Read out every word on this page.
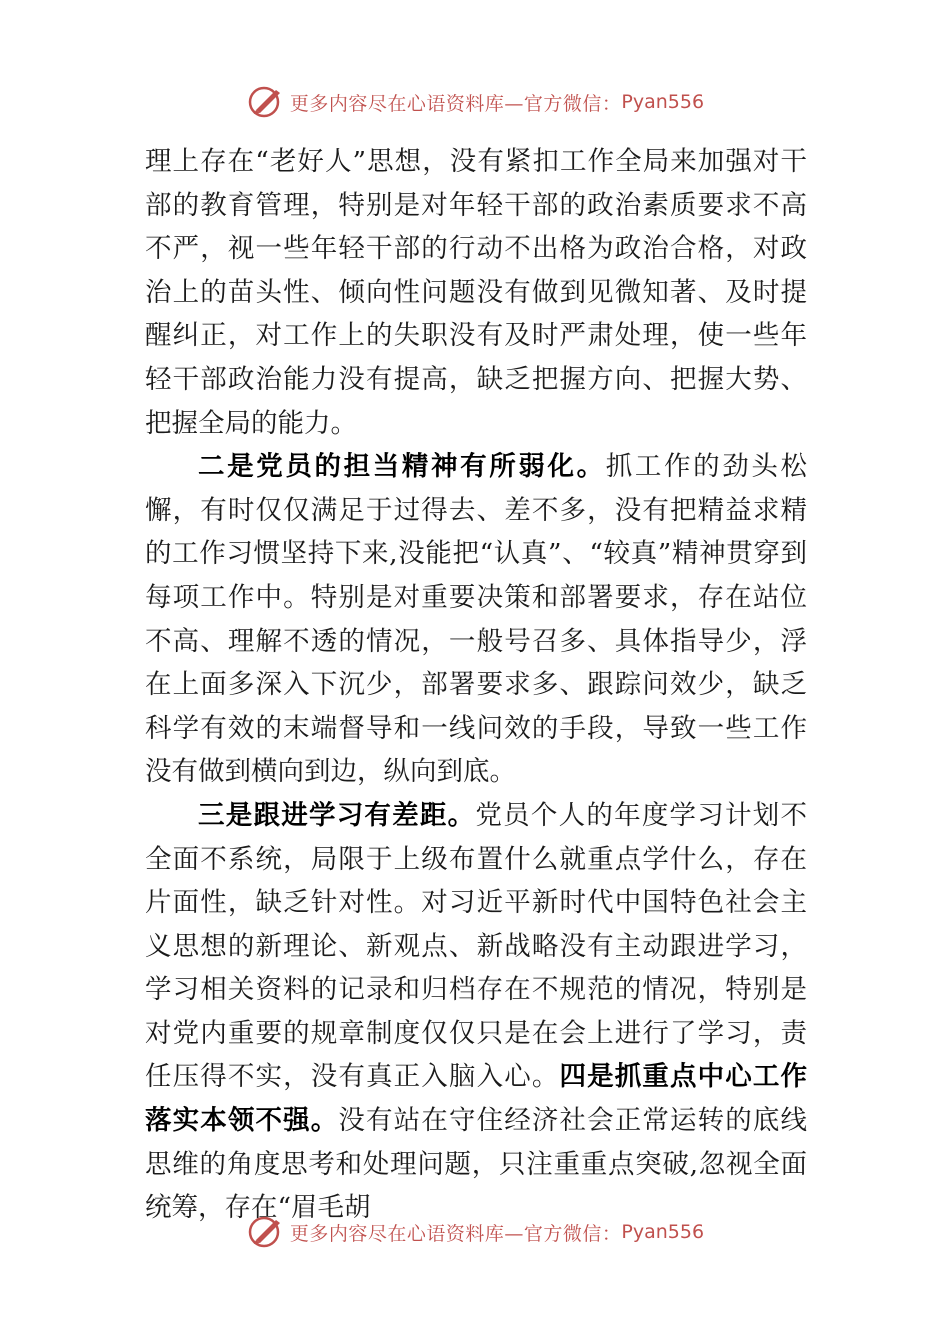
更多内容尽在心语资料库—官方微信： Pyan556

理上存在“老好人”思想，没有紧扣工作全局来加强对干部的教育管理，特别是对年轻干部的政治素质要求不高不严，视一些年轻干部的行动不出格为政治合格，对政治上的苗头性、倾向性问题没有做到见微知著、及时提醒纠正，对工作上的失职没有及时严肃处理，使一些年轻干部政治能力没有提高，缺乏把握方向、把握大势、把握全局的能力。

二是党员的担当精神有所弱化。抓工作的劲头松懈，有时仅仅满足于过得去、差不多，没有把精益求精的工作习惯坚持下来,没能把“认真”、“较真”精神贯穿到每项工作中。特别是对重要决策和部署要求，存在站位不高、理解不透的情况，一般号召多、具体指导少，浮在上面多深入下沉少，部署要求多、跟踪问效少，缺乏科学有效的末端督导和一线问效的手段，导致一些工作没有做到横向到边，纵向到底。

三是跟进学习有差距。党员个人的年度学习计划不全面不系统，局限于上级布置什么就重点学什么，存在片面性，缺乏针对性。对习近平新时代中国特色社会主义思想的新理论、新观点、新战略没有主动跟进学习，学习相关资料的记录和归档存在不规范的情况，特别是对党内重要的规章制度仅仅只是在会上进行了学习，责任压得不实，没有真正入脑入心。四是抓重点中心工作落实本领不强。没有站在守住经济社会正常运转的底线思维的角度思考和处理问题，只注重重点突破,忽视全面统筹，存在“眉毛胡

更多内容尽在心语资料库—官方微信： Pyan556
